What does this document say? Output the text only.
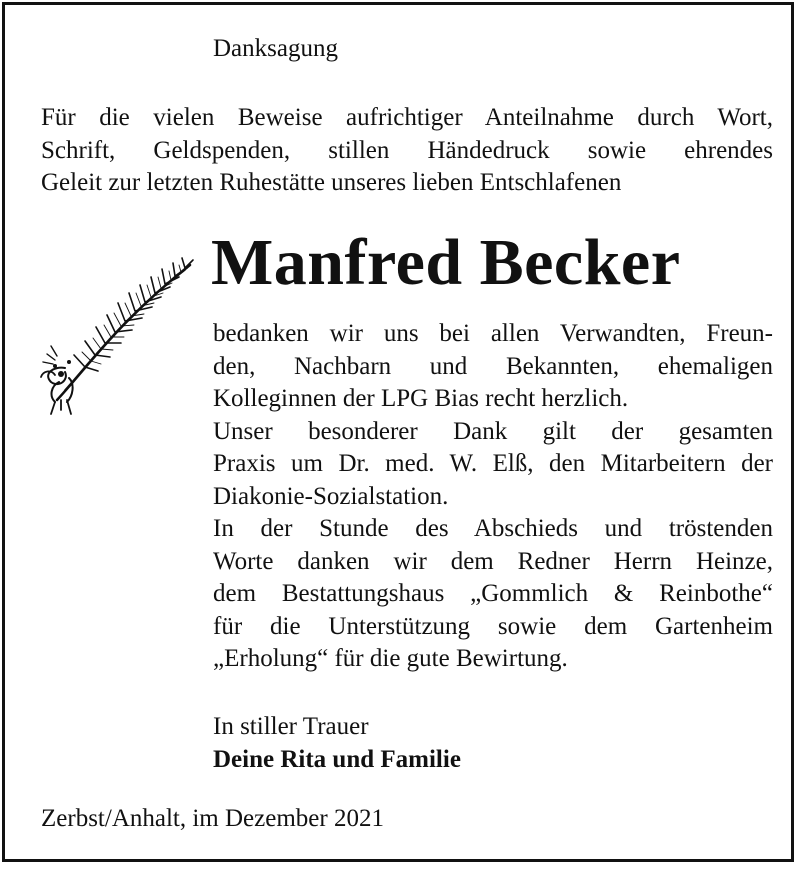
Danksagung
Für die vielen Beweise aufrichtiger Anteilnahme durch Wort,
Schrift, Geldspenden, stillen Händedruck sowie ehrendes
Geleit zur letzten Ruhestätte unseres lieben Entschlafenen
Manfred Becker
bedanken wir uns bei allen Verwandten, Freun-
den, Nachbarn und Bekannten, ehemaligen
Kolleginnen der LPG Bias recht herzlich.
Unser besonderer Dank gilt der gesamten
Praxis um Dr. med. W. Elß, den Mitarbeitern der
Diakonie-Sozialstation.
In der Stunde des Abschieds und tröstenden
Worte danken wir dem Redner Herrn Heinze,
dem Bestattungshaus „Gommlich & Reinbothe“
für die Unterstützung sowie dem Gartenheim
„Erholung“ für die gute Bewirtung.
In stiller Trauer
Deine Rita und Familie
Zerbst/Anhalt, im Dezember 2021
